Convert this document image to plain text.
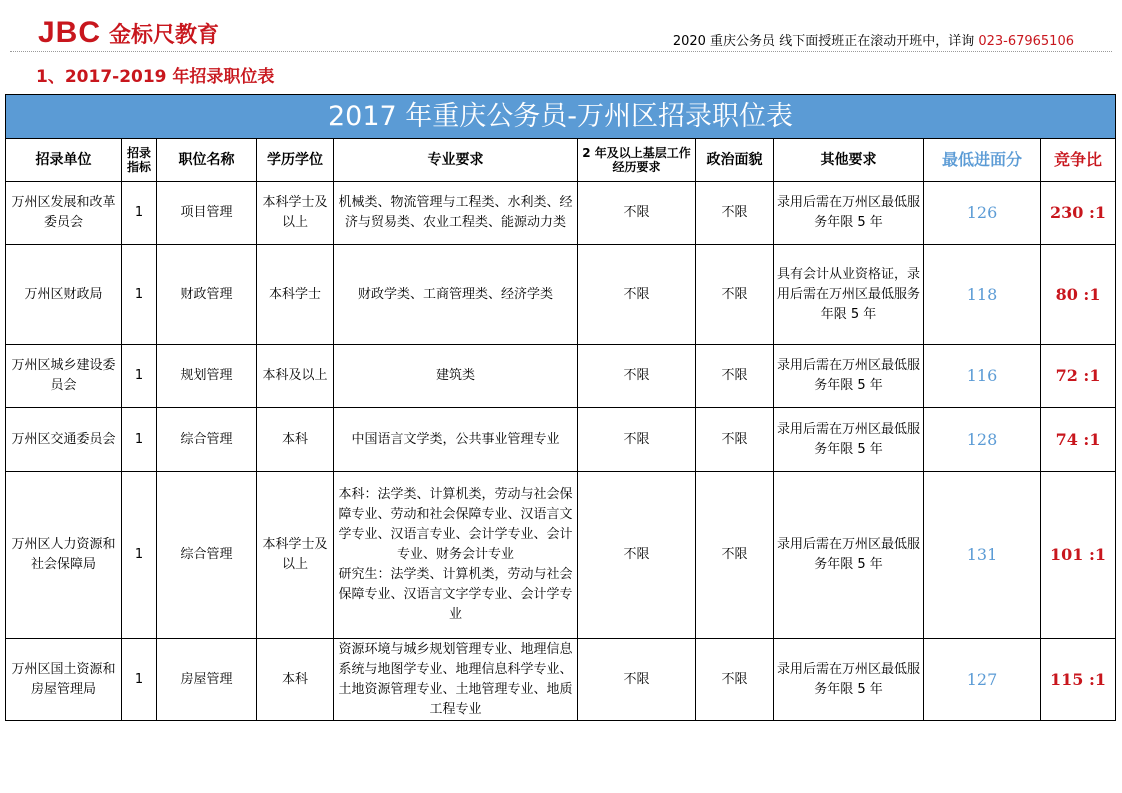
JBC 金标尺教育	2020 重庆公务员 线下面授班正在滚动开班中，详询 023-67965106
1、2017-2019 年招录职位表
2017 年重庆公务员-万州区招录职位表									
招录单位	招录指标	职位名称	学历学位	专业要求	2 年及以上基层工作经历要求	政治面貌	其他要求	最低进面分	竞争比
万州区发展和改革委员会	1	项目管理	本科学士及以上	机械类、物流管理与工程类、水利类、经济与贸易类、农业工程类、能源动力类	不限	不限	录用后需在万州区最低服务年限 5 年	126	230 :1
万州区财政局	1	财政管理	本科学士	财政学类、工商管理类、经济学类	不限	不限	具有会计从业资格证，录用后需在万州区最低服务年限 5 年	118	80 :1
万州区城乡建设委员会	1	规划管理	本科及以上	建筑类	不限	不限	录用后需在万州区最低服务年限 5 年	116	72 :1
万州区交通委员会	1	综合管理	本科	中国语言文学类，公共事业管理专业	不限	不限	录用后需在万州区最低服务年限 5 年	128	74 :1
万州区人力资源和社会保障局	1	综合管理	本科学士及以上	本科：法学类、计算机类，劳动与社会保障专业、劳动和社会保障专业、汉语言文学专业、汉语言专业、会计学专业、会计专业、财务会计专业
研究生：法学类、计算机类，劳动与社会保障专业、汉语言文字学专业、会计学专业	不限	不限	录用后需在万州区最低服务年限 5 年	131	101 :1
万州区国土资源和房屋管理局	1	房屋管理	本科	资源环境与城乡规划管理专业、地理信息系统与地图学专业、地理信息科学专业、土地资源管理专业、土地管理专业、地质工程专业	不限	不限	录用后需在万州区最低服务年限 5 年	127	115 :1
